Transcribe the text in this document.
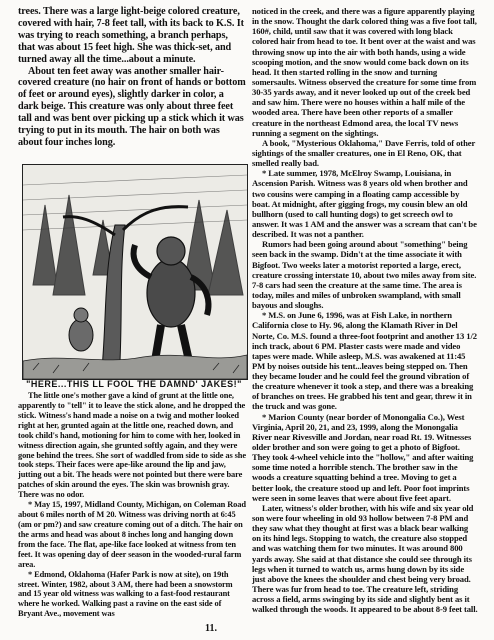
trees. There was a large light-beige colored creature, covered with hair, 7-8 feet tall, with its back to K.S. It was trying to reach something, a branch perhaps, that was about 15 feet high. She was thick-set, and turned away all the time...about a minute.

About ten feet away was another smaller hair-covered creature (no hair on front of hands or bottom of feet or around eyes), slightly darker in color, a dark beige. This creature was only about three feet tall and was bent over picking up a stick which it was trying to put in its mouth. The hair on both was about four inches long.

"HERE...THIS LL FOOL THE DAMND' JAKES!"

The little one's mother gave a kind of grunt at the little one, apparently to "tell" it to leave the stick alone, and he dropped the stick. Witness's hand made a noise on a twig and mother looked right at her, grunted again at the little one, reached down, and took child's hand, motioning for him to come with her, looked in witness direction again, she grunted softly again, and they were gone behind the trees. She sort of waddled from side to side as she took steps. Their faces were ape-like around the lip and jaw, jutting out a bit. The heads were not pointed but there were bare patches of skin around the eyes. The skin was brownish gray. There was no odor.

* May 15, 1997, Midland County, Michigan, on Coleman Road about 6 miles north of M 20. Witness was driving north at 6:45 (am or pm?) and saw creature coming out of a ditch. The hair on the arms and head was about 8 inches long and hanging down from the face. The flat, ape-like face looked at witness from ten feet. It was opening day of deer season in the wooded-rural farm area.

* Edmond, Oklahoma (Hafer Park is now at site), on 19th street. Winter, 1982, about 3 AM, there had been a snowstorm and 15 year old witness was walking to a fast-food restaurant where he worked. Walking past a ravine on the east side of Bryant Ave., movement was

noticed in the creek, and there was a figure apparently playing in the snow. Thought the dark colored thing was a five foot tall, 160#, child, until saw that it was covered with long black colored hair from head to toe. It bent over at the waist and was throwing snow up into the air with both hands, using a wide scooping motion, and the snow would come back down on its head. It then started rolling in the snow and turning somersaults. Witness observed the creature for some time from 30-35 yards away, and it never looked up out of the creek bed and saw him. There were no houses within a half mile of the wooded area. There have been other reports of a smaller creature in the northeast Edmond area, the local TV news running a segment on the sightings.

A book, "Mysterious Oklahoma," Dave Ferris, told of other sightings of the smaller creatures, one in El Reno, OK, that smelled really bad.

* Late summer, 1978, McElroy Swamp, Louisiana, in Ascension Parish. Witness was 8 years old when brother and two cousins were camping in a floating camp accessible by boat. At midnight, after gigging frogs, my cousin blew an old bullhorn (used to call hunting dogs) to get screech owl to answer. It was 1 AM and the answer was a scream that can't be described. It was not a panther.

Rumors had been going around about "something" being seen back in the swamp. Didn't at the time associate it with Bigfoot. Two weeks later a motorist reported a large, erect, creature crossing interstate 10, about two miles away from site. 7-8 cars had seen the creature at the same time. The area is today, miles and miles of unbroken swampland, with small bayous and sloughs.

* M.S. on June 6, 1996, was at Fish Lake, in northern California close to Hy. 96, along the Klamath River in Del Norte, Co. M.S. found a three-foot footprint and another 13 1/2 inch track, about 6 PM. Plaster casts were made and video tapes were made. While asleep, M.S. was awakened at 11:45 PM by noises outside his tent...leaves being stepped on. Then they became louder and he could feel the ground vibration of the creature whenever it took a step, and there was a breaking of branches on trees. He grabbed his tent and gear, threw it in the truck and was gone.

* Marion County (near border of Monongalia Co.), West Virginia, April 20, 21, and 23, 1999, along the Monongalia River near Rivesville and Jordan, near road Rt. 19. Witnesses older brother and son were going to get a photo of Bigfoot. They took 4-wheel vehicle into the "hollow," and after waiting some time noted a horrible stench. The brother saw in the woods a creature squatting behind a tree. Moving to get a better look, the creature stood up and left. Poor foot imprints were seen in some leaves that were about five feet apart.

Later, witness's older brother, with his wife and six year old son were four wheeling in old 93 hollow between 7-8 PM and they saw what they thought at first was a black bear walking on its hind legs. Stopping to watch, the creature also stopped and was watching them for two minutes. It was around 800 yards away. She said at that distance she could see through its legs when it turned to watch us, arms hung down by its side just above the knees the shoulder and chest being very broad. There was fur from head to toe. The creature left, striding across a field, arms swinging by its side and slightly bent as it walked through the woods. It appeared to be about 8-9 feet tall.

11.
